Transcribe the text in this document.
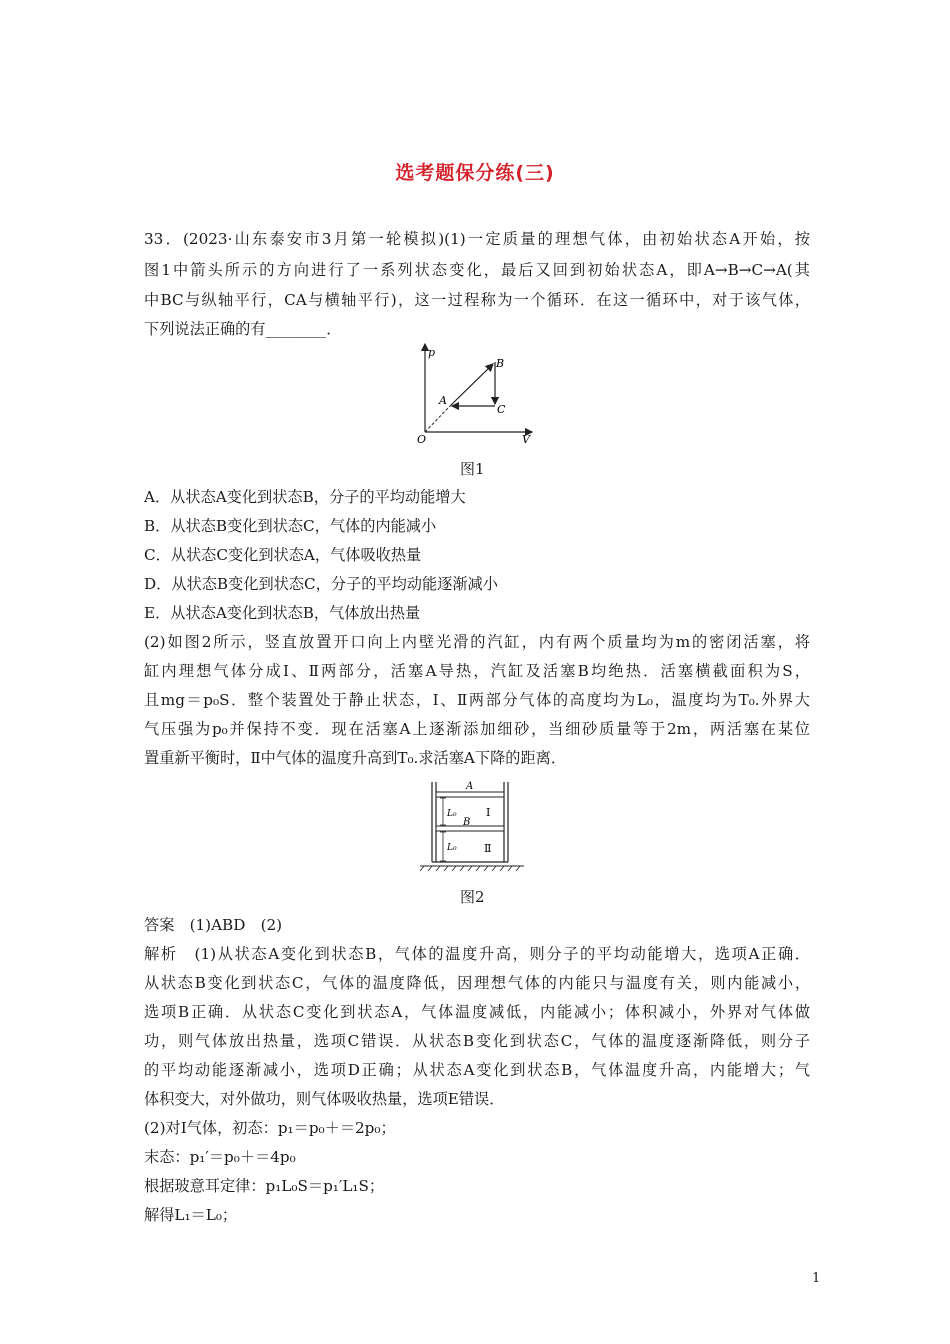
选考题保分练(三)
33．(2023·山东泰安市3月第一轮模拟)(1)一定质量的理想气体，由初始状态A开始，按
图1中箭头所示的方向进行了一系列状态变化，最后又回到初始状态A，即A→B→C→A(其
中BC与纵轴平行，CA与横轴平行)，这一过程称为一个循环．在这一循环中，对于该气体，
下列说法正确的有________．
p
V
O
A
B
C
图1
A．从状态A变化到状态B，分子的平均动能增大
B．从状态B变化到状态C，气体的内能减小
C．从状态C变化到状态A，气体吸收热量
D．从状态B变化到状态C，分子的平均动能逐渐减小
E．从状态A变化到状态B，气体放出热量
(2)如图2所示，竖直放置开口向上内壁光滑的汽缸，内有两个质量均为m的密闭活塞，将
缸内理想气体分成Ⅰ、Ⅱ两部分，活塞A导热，汽缸及活塞B均绝热．活塞横截面积为S，
且mg＝p₀S．整个装置处于静止状态，Ⅰ、Ⅱ两部分气体的高度均为L₀，温度均为T₀.外界大
气压强为p₀并保持不变．现在活塞A上逐渐添加细砂，当细砂质量等于2m，两活塞在某位
置重新平衡时，Ⅱ中气体的温度升高到T₀.求活塞A下降的距离．
A
B
L₀
L₀
Ⅰ
Ⅱ
图2
答案　(1)ABD　(2)
解析　(1)从状态A变化到状态B，气体的温度升高，则分子的平均动能增大，选项A正确．
从状态B变化到状态C，气体的温度降低，因理想气体的内能只与温度有关，则内能减小，
选项B正确．从状态C变化到状态A，气体温度减低，内能减小；体积减小，外界对气体做
功，则气体放出热量，选项C错误．从状态B变化到状态C，气体的温度逐渐降低，则分子
的平均动能逐渐减小，选项D正确；从状态A变化到状态B，气体温度升高，内能增大；气
体积变大，对外做功，则气体吸收热量，选项E错误．
(2)对Ⅰ气体，初态：p₁＝p₀＋＝2p₀；
末态：p₁′＝p₀＋＝4p₀
根据玻意耳定律：p₁L₀S＝p₁′L₁S；
解得L₁＝L₀；
1
